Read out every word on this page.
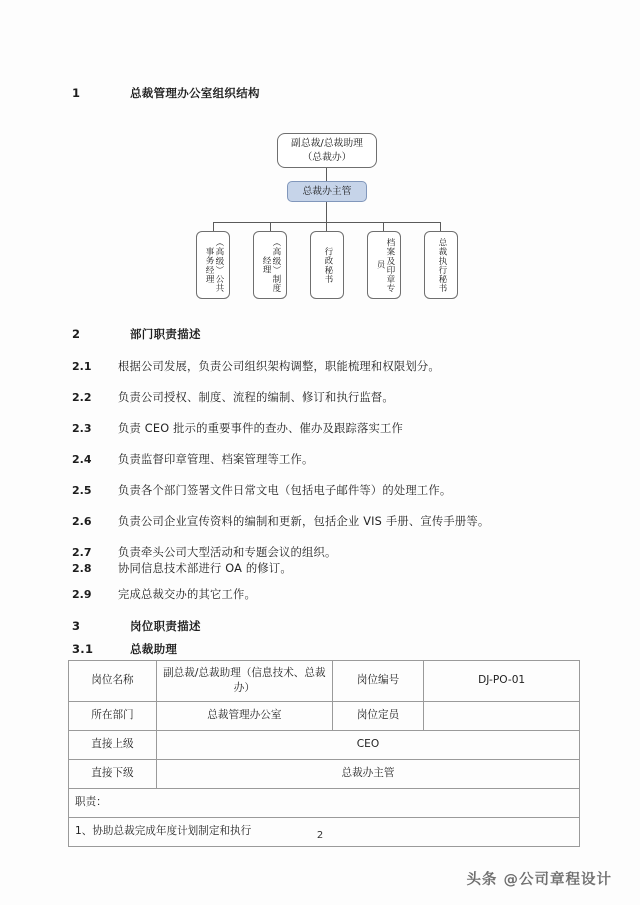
1	总裁管理办公室组织结构
副总裁/总裁助理
（总裁办）
总裁办主管
（高级）公共事务经理	（高级）制度经理	行政秘书	档案及印章专员	总裁执行秘书
2	部门职责描述
2.1	根据公司发展，负责公司组织架构调整，职能梳理和权限划分。
2.2	负责公司授权、制度、流程的编制、修订和执行监督。
2.3	负责 CEO 批示的重要事件的查办、催办及跟踪落实工作
2.4	负责监督印章管理、档案管理等工作。
2.5	负责各个部门签署文件日常文电（包括电子邮件等）的处理工作。
2.6	负责公司企业宣传资料的编制和更新，包括企业 VIS 手册、宣传手册等。
2.7	负责牵头公司大型活动和专题会议的组织。
2.8	协同信息技术部进行 OA 的修订。
2.9	完成总裁交办的其它工作。
3	岗位职责描述
3.1	总裁助理
岗位名称	副总裁/总裁助理（信息技术、总裁办）	岗位编号	DJ-PO-01
所在部门	总裁管理办公室	岗位定员	
直接上级	CEO		
直接下级	总裁办主管		
职责：			
1、协助总裁完成年度计划制定和执行				2
头条 @公司章程设计
